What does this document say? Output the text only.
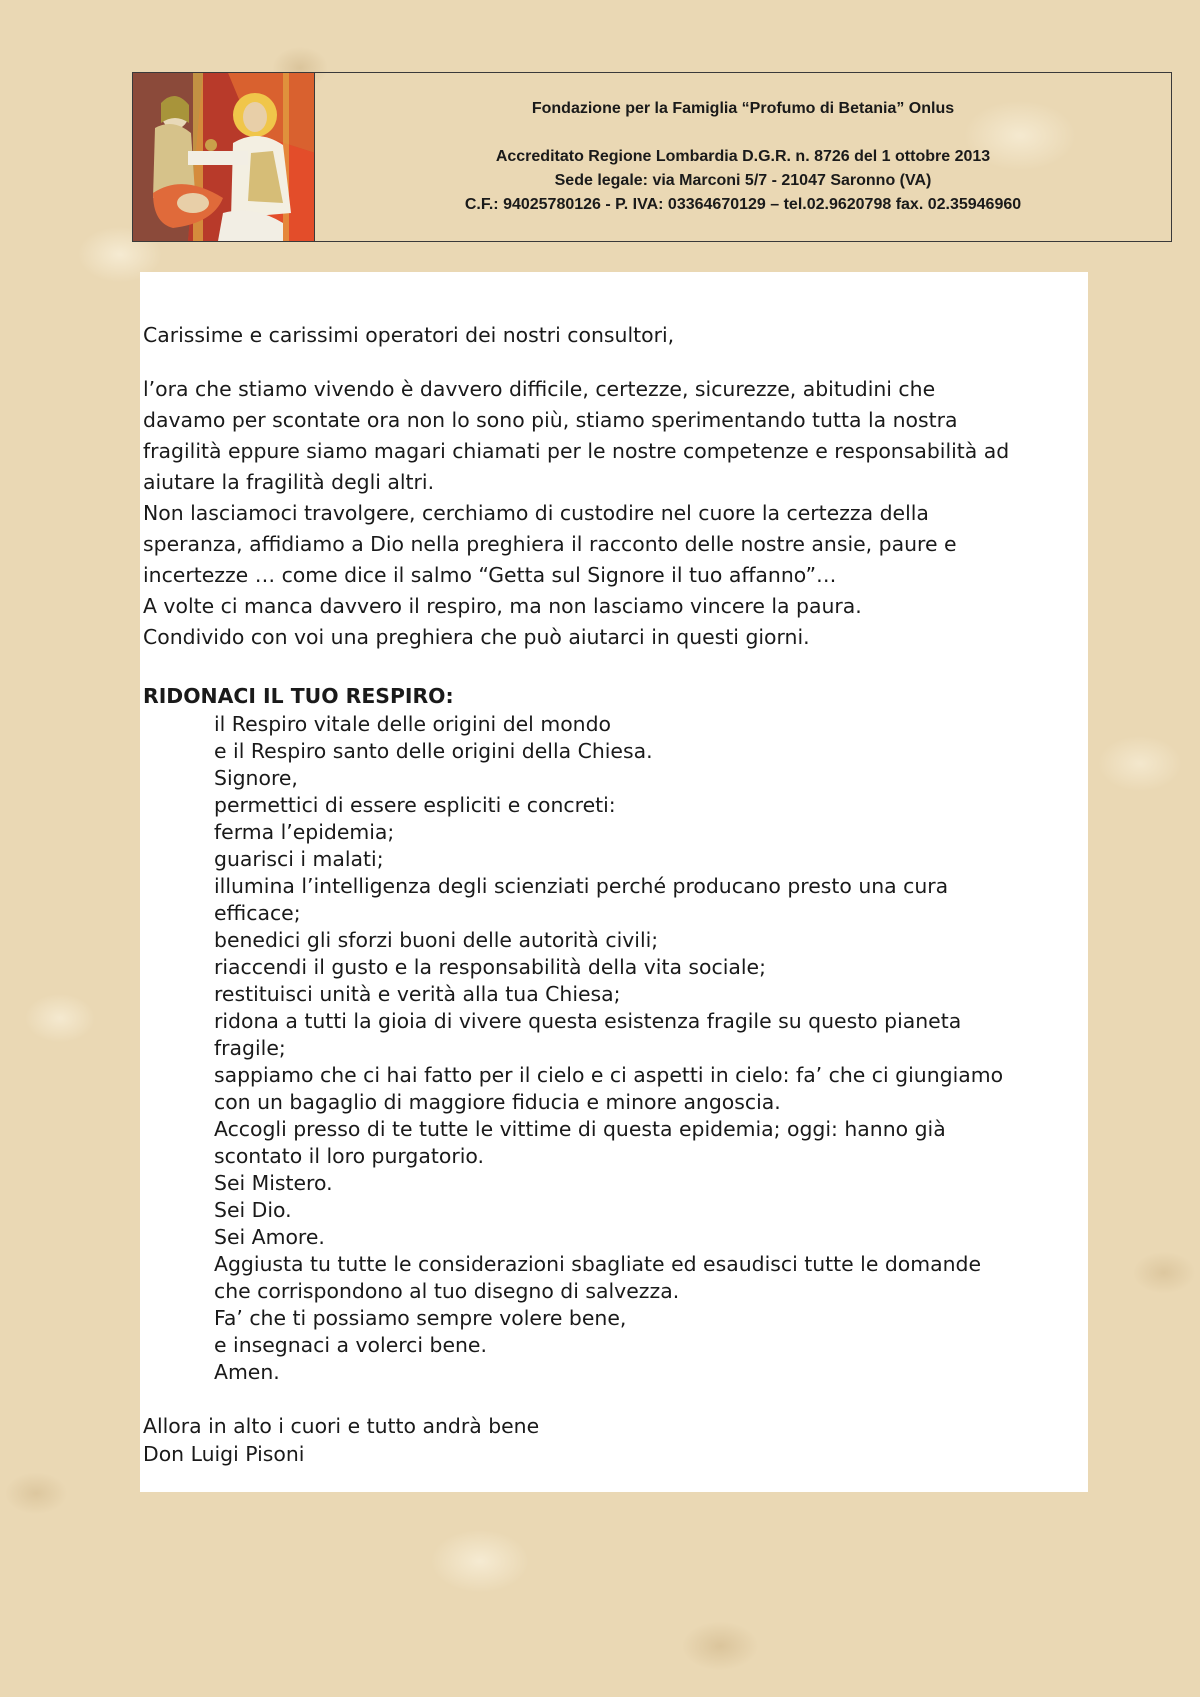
Fondazione per la Famiglia “Profumo di Betania” Onlus
Accreditato Regione Lombardia D.G.R. n. 8726 del 1 ottobre 2013
Sede legale: via Marconi 5/7 - 21047 Saronno (VA)
C.F.: 94025780126 - P. IVA: 03364670129 – tel.02.9620798 fax. 02.35946960

Carissime e carissimi operatori dei nostri consultori,

l’ora che stiamo vivendo è davvero difficile, certezze, sicurezze, abitudini che
davamo per scontate ora non lo sono più, stiamo sperimentando tutta la nostra
fragilità eppure siamo magari chiamati per le nostre competenze e responsabilità ad
aiutare la fragilità degli altri.
Non lasciamoci travolgere, cerchiamo di custodire nel cuore la certezza della
speranza, affidiamo a Dio nella preghiera il racconto delle nostre ansie, paure e
incertezze … come dice il salmo “Getta sul Signore il tuo affanno”…
A volte ci manca davvero il respiro, ma non lasciamo vincere la paura.
Condivido con voi una preghiera che può aiutarci in questi giorni.

RIDONACI IL TUO RESPIRO:

il Respiro vitale delle origini del mondo
e il Respiro santo delle origini della Chiesa.
Signore,
permettici di essere espliciti e concreti:
ferma l’epidemia;
guarisci i malati;
illumina l’intelligenza degli scienziati perché producano presto una cura
efficace;
benedici gli sforzi buoni delle autorità civili;
riaccendi il gusto e la responsabilità della vita sociale;
restituisci unità e verità alla tua Chiesa;
ridona a tutti la gioia di vivere questa esistenza fragile su questo pianeta
fragile;
sappiamo che ci hai fatto per il cielo e ci aspetti in cielo: fa’ che ci giungiamo
con un bagaglio di maggiore fiducia e minore angoscia.
Accogli presso di te tutte le vittime di questa epidemia; oggi: hanno già
scontato il loro purgatorio.
Sei Mistero.
Sei Dio.
Sei Amore.
Aggiusta tu tutte le considerazioni sbagliate ed esaudisci tutte le domande
che corrispondono al tuo disegno di salvezza.
Fa’ che ti possiamo sempre volere bene,
e insegnaci a volerci bene.
Amen.

Allora in alto i cuori e tutto andrà bene
Don Luigi Pisoni
